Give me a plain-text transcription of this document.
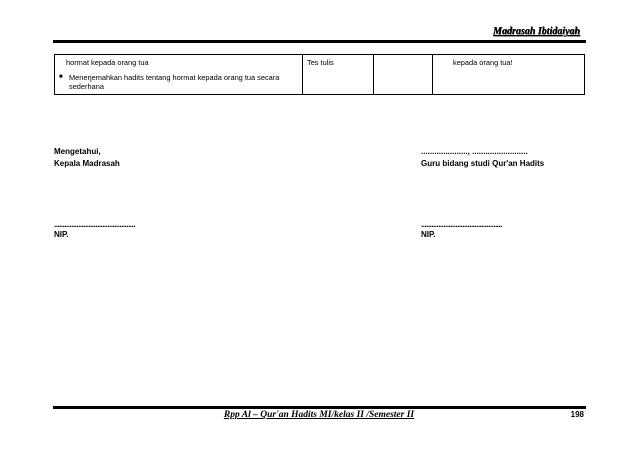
Madrasah Ibtidaiyah
hormat kepada orang tua
■ Menerjemahkan hadits tentang hormat kepada orang tua secara sederhana
	Tes tulis		kepada orang tua!
Mengetahui,
Kepala Madrasah
....................., .........................
Guru bidang studi Qur'an Hadits
...............................................
NIP.
...............................................
NIP.
Rpp Al – Qur'an Hadits MI/kelas II /Semester II	198
